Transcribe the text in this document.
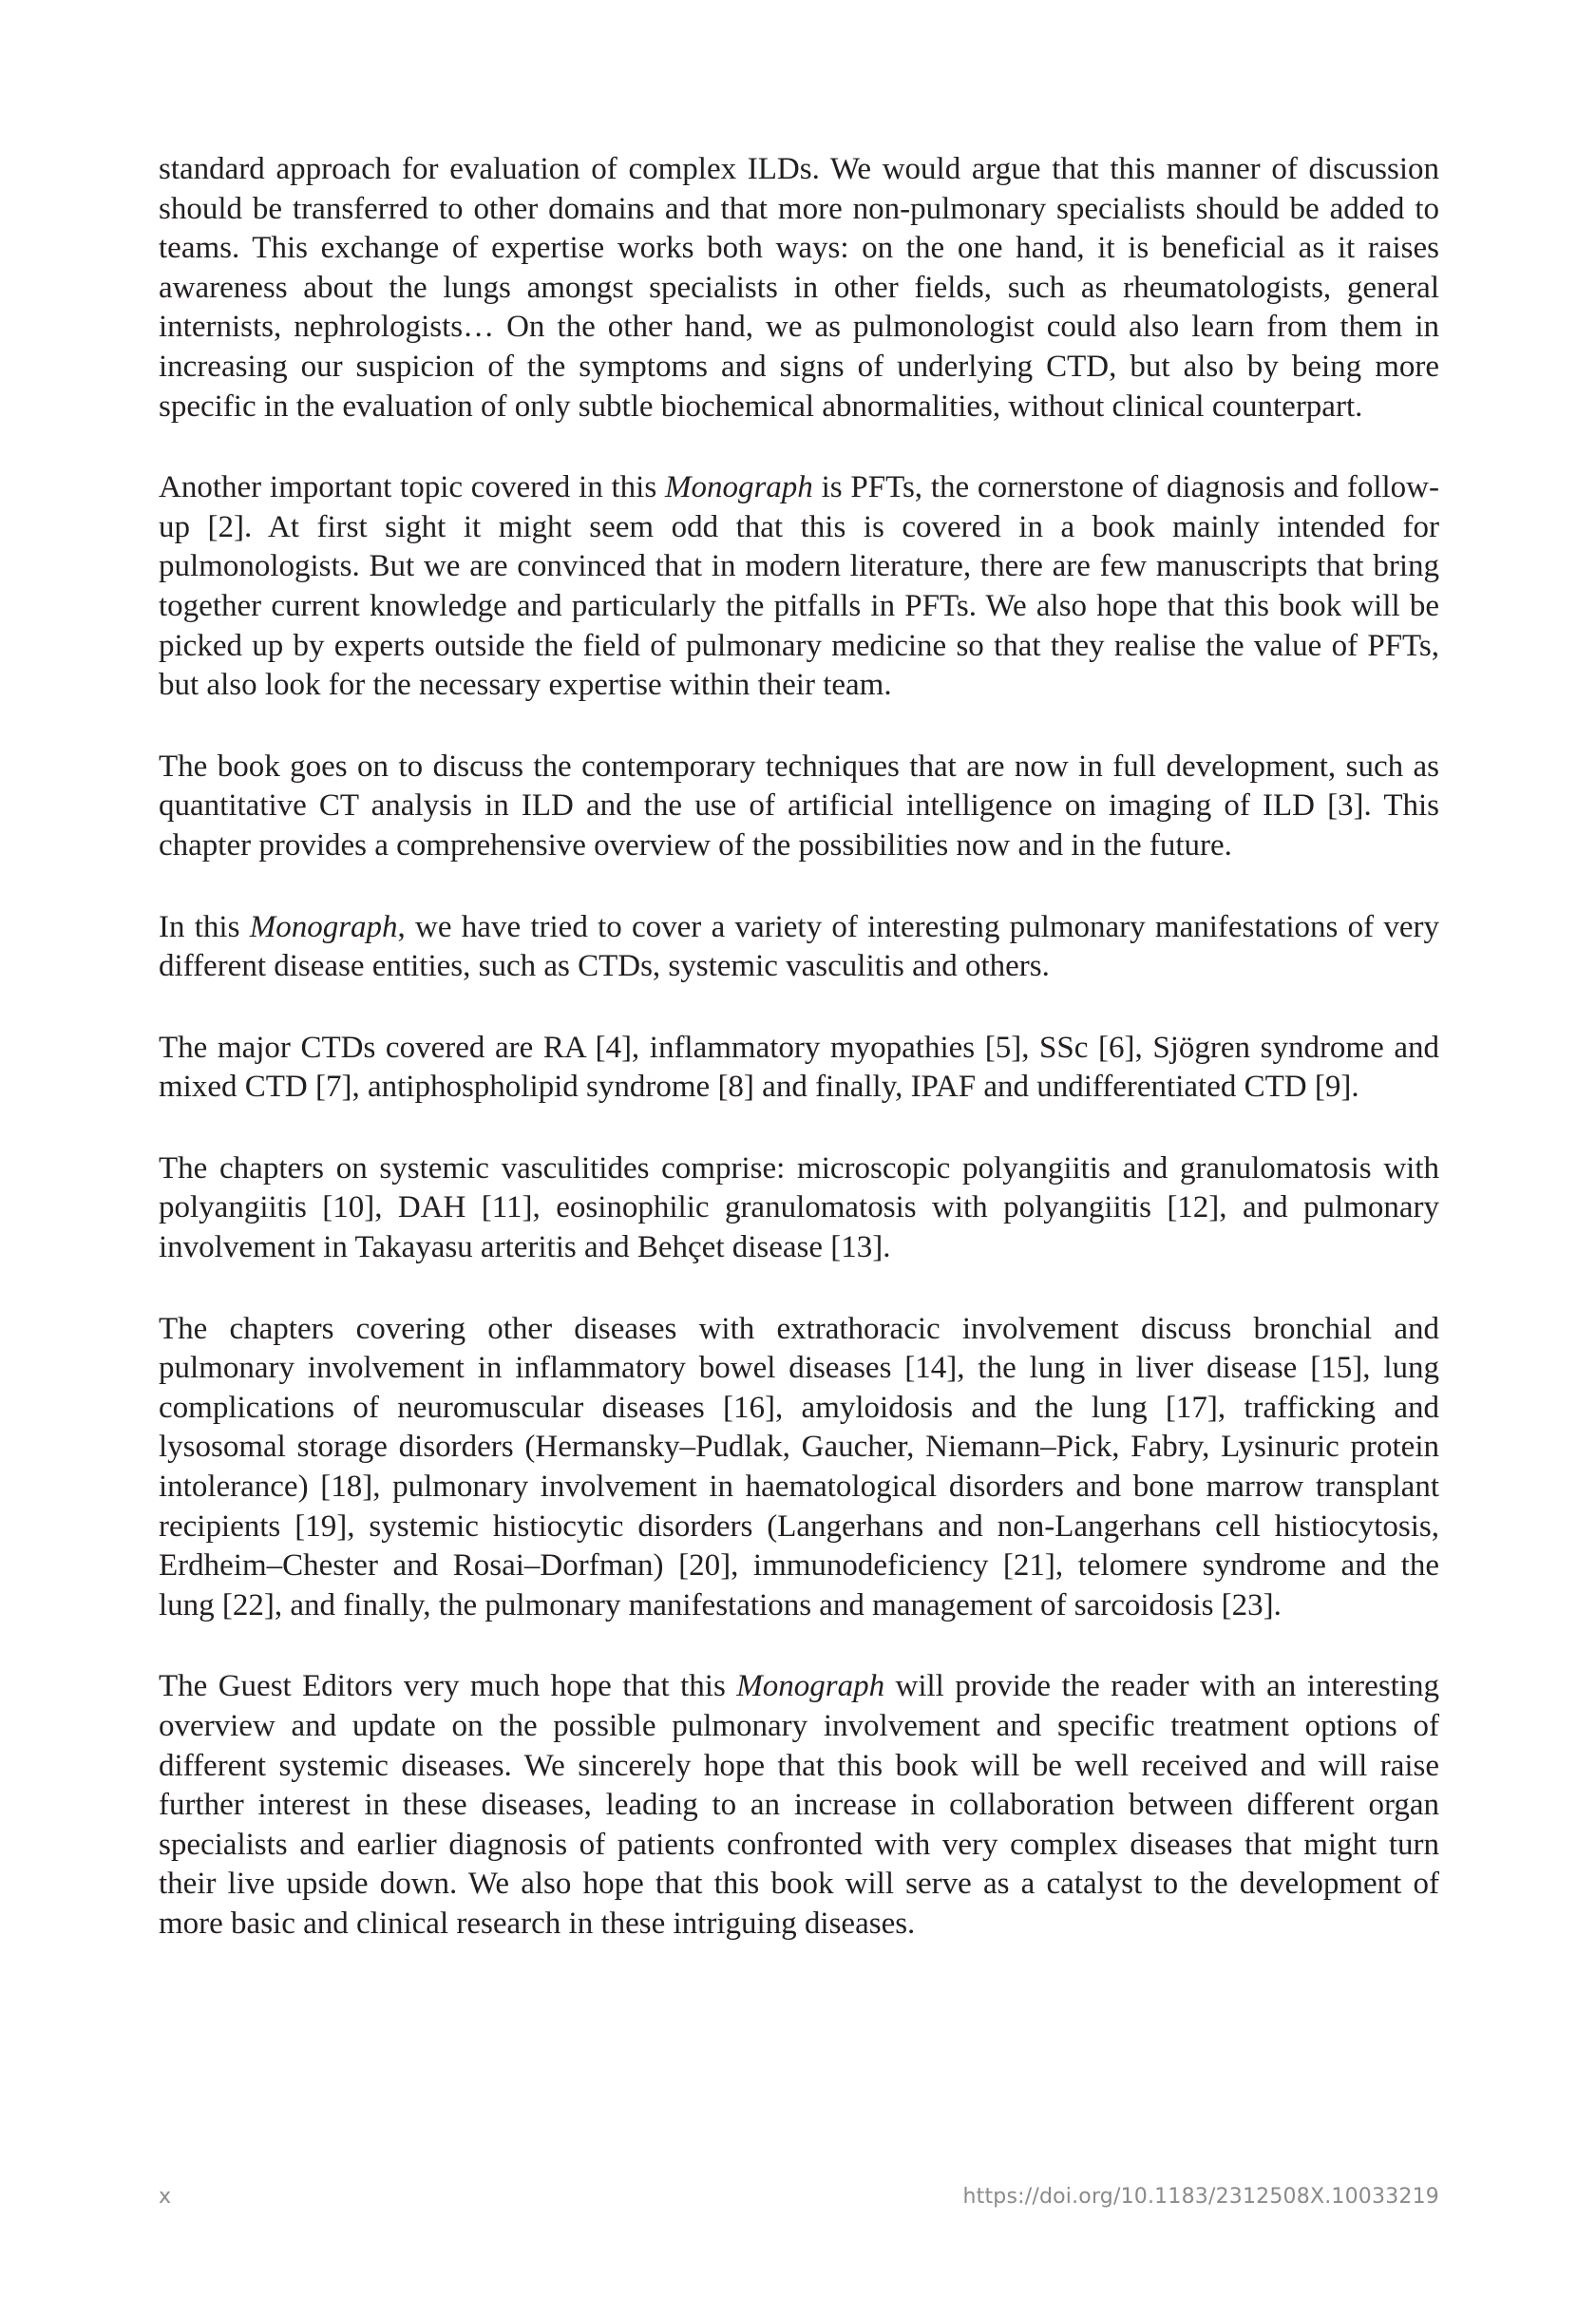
standard approach for evaluation of complex ILDs. We would argue that this manner of discussion should be transferred to other domains and that more non-pulmonary specialists should be added to teams. This exchange of expertise works both ways: on the one hand, it is beneficial as it raises awareness about the lungs amongst specialists in other fields, such as rheumatologists, general internists, nephrologists… On the other hand, we as pulmonologist could also learn from them in increasing our suspicion of the symptoms and signs of underlying CTD, but also by being more specific in the evaluation of only subtle biochemical abnormalities, without clinical counterpart.

Another important topic covered in this Monograph is PFTs, the cornerstone of diagnosis and follow-up [2]. At first sight it might seem odd that this is covered in a book mainly intended for pulmonologists. But we are convinced that in modern literature, there are few manuscripts that bring together current knowledge and particularly the pitfalls in PFTs. We also hope that this book will be picked up by experts outside the field of pulmonary medicine so that they realise the value of PFTs, but also look for the necessary expertise within their team.

The book goes on to discuss the contemporary techniques that are now in full development, such as quantitative CT analysis in ILD and the use of artificial intelligence on imaging of ILD [3]. This chapter provides a comprehensive overview of the possibilities now and in the future.

In this Monograph, we have tried to cover a variety of interesting pulmonary manifestations of very different disease entities, such as CTDs, systemic vasculitis and others.

The major CTDs covered are RA [4], inflammatory myopathies [5], SSc [6], Sjögren syndrome and mixed CTD [7], antiphospholipid syndrome [8] and finally, IPAF and undifferentiated CTD [9].

The chapters on systemic vasculitides comprise: microscopic polyangiitis and granulomatosis with polyangiitis [10], DAH [11], eosinophilic granulomatosis with polyangiitis [12], and pulmonary involvement in Takayasu arteritis and Behçet disease [13].

The chapters covering other diseases with extrathoracic involvement discuss bronchial and pulmonary involvement in inflammatory bowel diseases [14], the lung in liver disease [15], lung complications of neuromuscular diseases [16], amyloidosis and the lung [17], trafficking and lysosomal storage disorders (Hermansky–Pudlak, Gaucher, Niemann–Pick, Fabry, Lysinuric protein intolerance) [18], pulmonary involvement in haematological disorders and bone marrow transplant recipients [19], systemic histiocytic disorders (Langerhans and non-Langerhans cell histiocytosis, Erdheim–Chester and Rosai–Dorfman) [20], immunodeficiency [21], telomere syndrome and the lung [22], and finally, the pulmonary manifestations and management of sarcoidosis [23].

The Guest Editors very much hope that this Monograph will provide the reader with an interesting overview and update on the possible pulmonary involvement and specific treatment options of different systemic diseases. We sincerely hope that this book will be well received and will raise further interest in these diseases, leading to an increase in collaboration between different organ specialists and earlier diagnosis of patients confronted with very complex diseases that might turn their live upside down. We also hope that this book will serve as a catalyst to the development of more basic and clinical research in these intriguing diseases.

x	https://doi.org/10.1183/2312508X.10033219
